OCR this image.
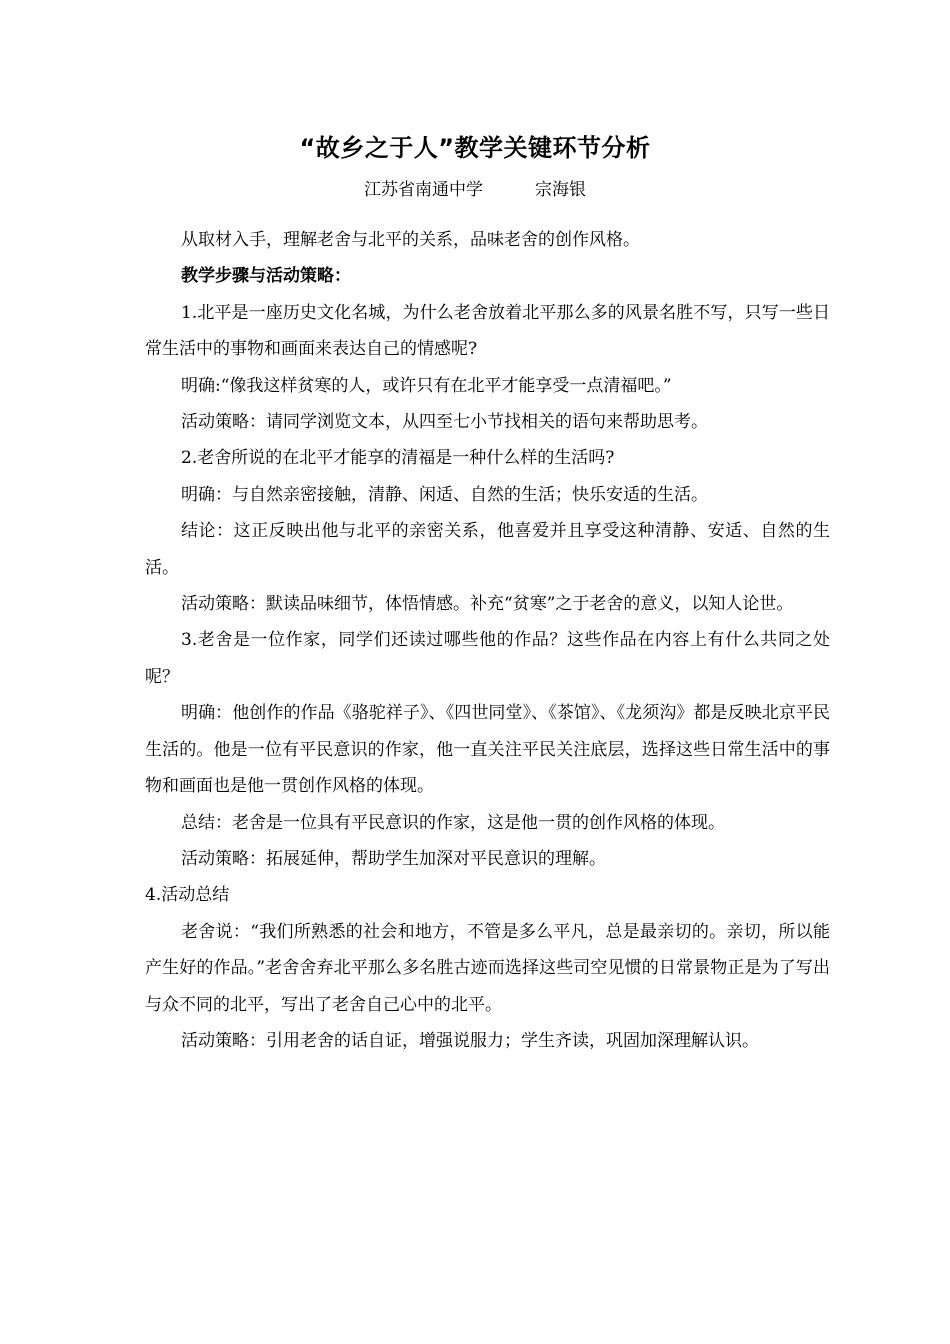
“故乡之于人”教学关键环节分析
江苏省南通中学	宗海银

从取材入手，理解老舍与北平的关系，品味老舍的创作风格。

教学步骤与活动策略：

1.北平是一座历史文化名城，为什么老舍放着北平那么多的风景名胜不写，只写一些日常生活中的事物和画面来表达自己的情感呢?

明确:“像我这样贫寒的人，或许只有在北平才能享受一点清福吧。”

活动策略：请同学浏览文本，从四至七小节找相关的语句来帮助思考。

2.老舍所说的在北平才能享的清福是一种什么样的生活吗?

明确：与自然亲密接触，清静、闲适、自然的生活；快乐安适的生活。

结论：这正反映出他与北平的亲密关系，他喜爱并且享受这种清静、安适、自然的生活。

活动策略：默读品味细节，体悟情感。补充“贫寒”之于老舍的意义，以知人论世。

3.老舍是一位作家，同学们还读过哪些他的作品？这些作品在内容上有什么共同之处呢？

明确：他创作的作品《骆驼祥子》、《四世同堂》、《茶馆》、《龙须沟》都是反映北京平民生活的。他是一位有平民意识的作家，他一直关注平民关注底层，选择这些日常生活中的事物和画面也是他一贯创作风格的体现。

总结：老舍是一位具有平民意识的作家，这是他一贯的创作风格的体现。

活动策略：拓展延伸，帮助学生加深对平民意识的理解。

4.活动总结

老舍说：“我们所熟悉的社会和地方，不管是多么平凡，总是最亲切的。亲切，所以能产生好的作品。”老舍舍弃北平那么多名胜古迹而选择这些司空见惯的日常景物正是为了写出与众不同的北平，写出了老舍自己心中的北平。

活动策略：引用老舍的话自证，增强说服力；学生齐读，巩固加深理解认识。
